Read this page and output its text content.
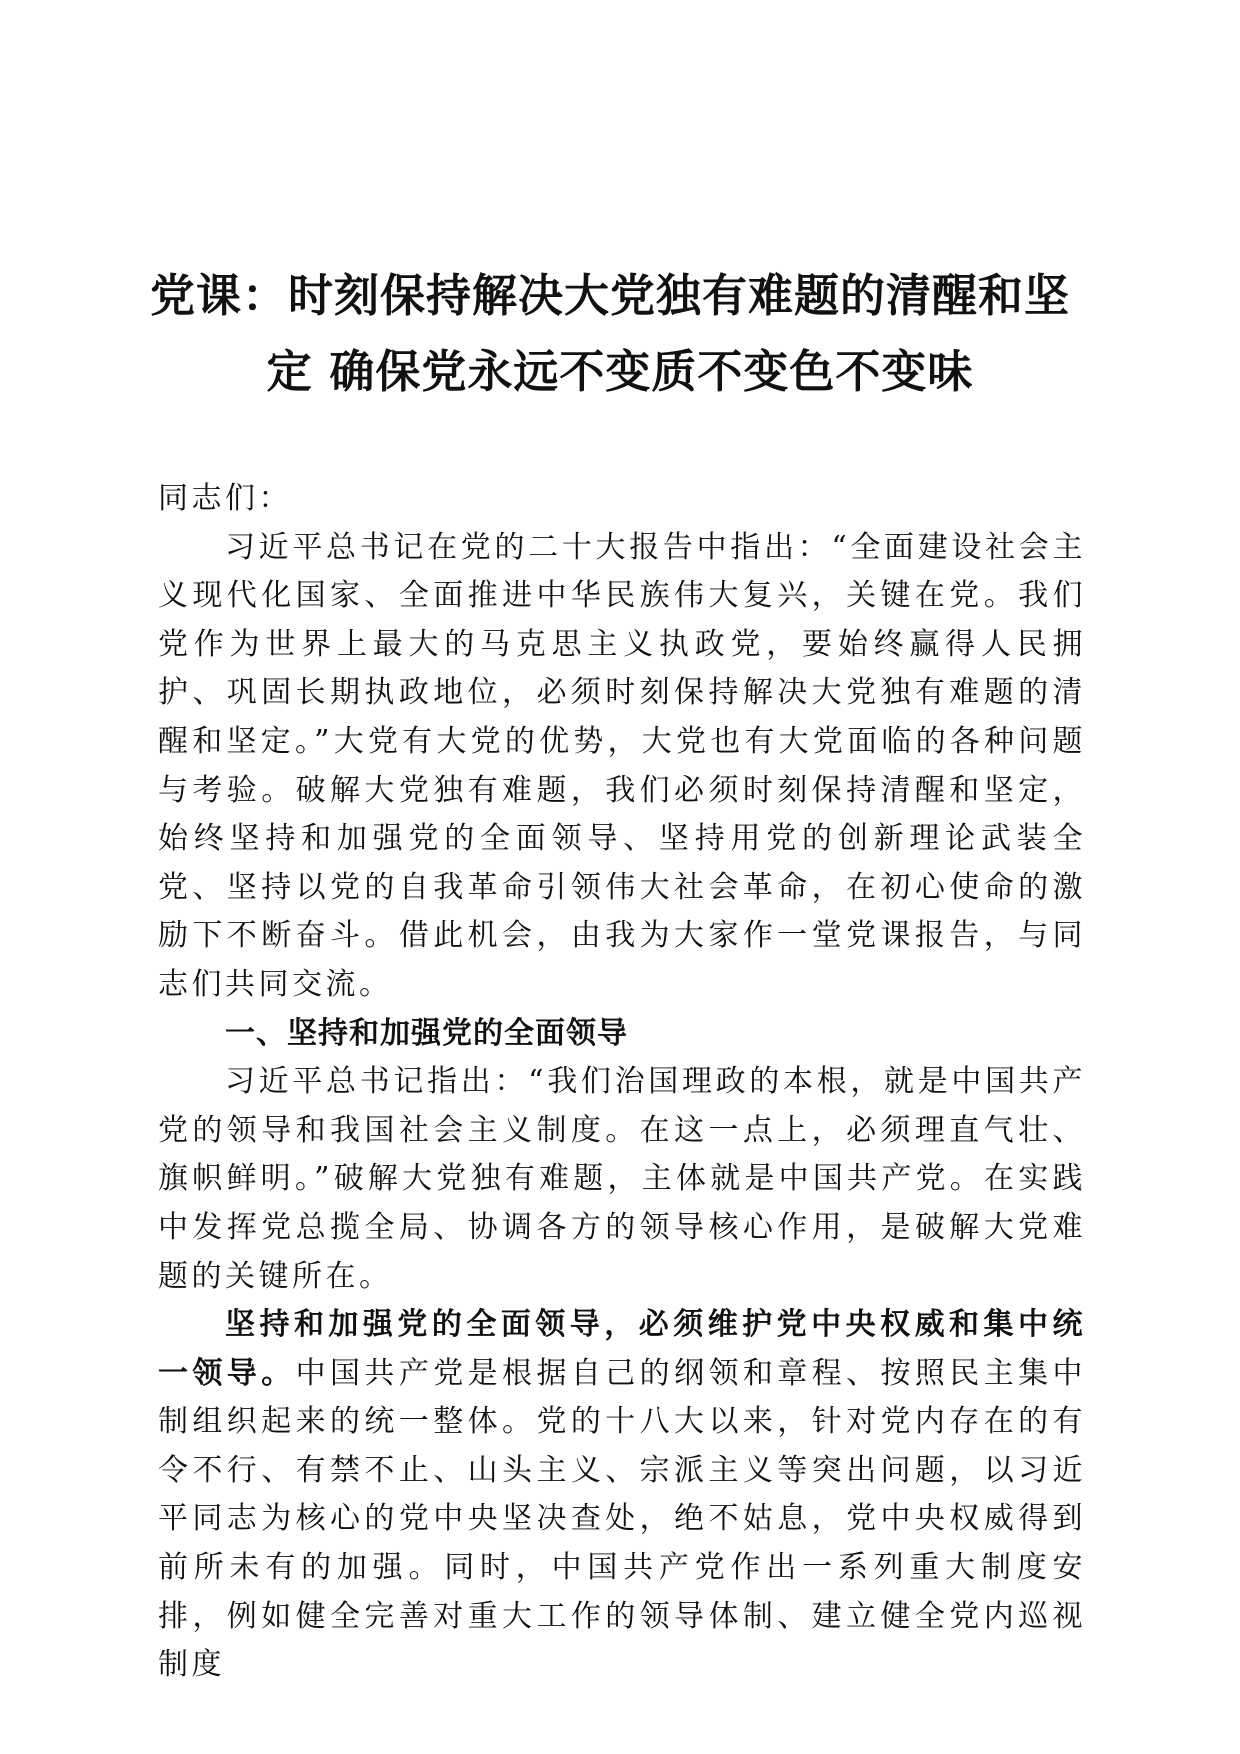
党课：时刻保持解决大党独有难题的清醒和坚
定 确保党永远不变质不变色不变味

同志们：

习近平总书记在党的二十大报告中指出：“全面建设社会主义现代化国家、全面推进中华民族伟大复兴，关键在党。我们党作为世界上最大的马克思主义执政党，要始终赢得人民拥护、巩固长期执政地位，必须时刻保持解决大党独有难题的清醒和坚定。”大党有大党的优势，大党也有大党面临的各种问题与考验。破解大党独有难题，我们必须时刻保持清醒和坚定，始终坚持和加强党的全面领导、坚持用党的创新理论武装全党、坚持以党的自我革命引领伟大社会革命，在初心使命的激励下不断奋斗。借此机会，由我为大家作一堂党课报告，与同志们共同交流。

一、坚持和加强党的全面领导

习近平总书记指出：“我们治国理政的本根，就是中国共产党的领导和我国社会主义制度。在这一点上，必须理直气壮、旗帜鲜明。”破解大党独有难题，主体就是中国共产党。在实践中发挥党总揽全局、协调各方的领导核心作用，是破解大党难题的关键所在。

坚持和加强党的全面领导，必须维护党中央权威和集中统一领导。中国共产党是根据自己的纲领和章程、按照民主集中制组织起来的统一整体。党的十八大以来，针对党内存在的有令不行、有禁不止、山头主义、宗派主义等突出问题，以习近平同志为核心的党中央坚决查处，绝不姑息，党中央权威得到前所未有的加强。同时，中国共产党作出一系列重大制度安排，例如健全完善对重大工作的领导体制、建立健全党内巡视制度
